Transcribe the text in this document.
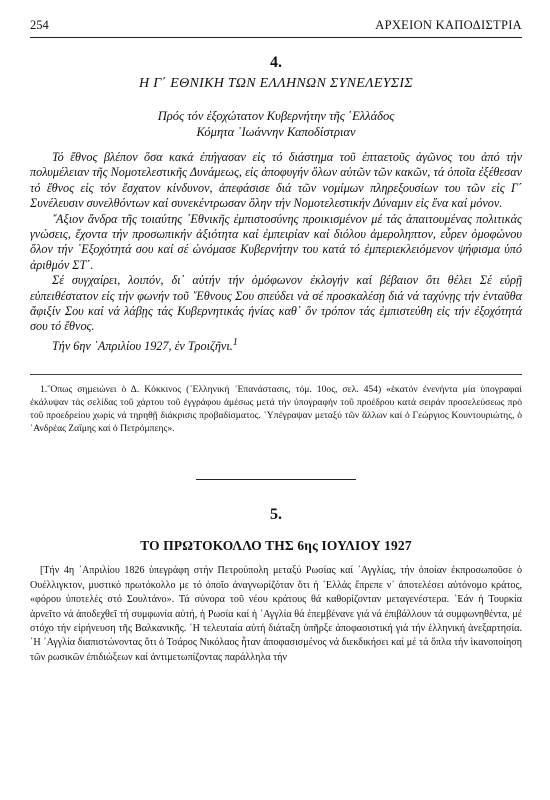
254	ΑΡΧΕΙΟΝ ΚΑΠΟΔΙΣΤΡΙΑ
4.
Η Γ΄ ΕΘΝΙΚΗ ΤΩΝ ΕΛΛΗΝΩΝ ΣΥΝΕΛΕΥΣΙΣ
Πρός τόν ἐξοχώτατον Κυβερνήτην τῆς ῾Ελλάδος
Κόμητα ᾿Ιωάννην Καποδίστριαν

Τό ἔθνος βλέπον ὅσα κακά ἐπήγασαν εἰς τό διάστημα τοῦ ἑπταετοῦς ἀγῶνος του ἀπό τήν πολυμέλειαν τῆς Νομοτελεστικῆς Δυνάμεως, εἰς ἀποφυγήν ὅλων αὐτῶν τῶν κακῶν, τά ὁποῖα ἐξέθεσαν τό ἔθνος εἰς τόν ἔσχατον κίνδυνον, ἀπεφάσισε διά τῶν νομίμων πληρεξουσίων του τῶν εἰς Γ΄ Συνέλευσιν συνελθόντων καί συνεκέντρωσαν ὅλην τήν Νομοτελεστικήν Δύναμιν εἰς ἕνα καί μόνον.

῎Αξιον ἄνδρα τῆς τοιαύτης ᾿Εθνικῆς ἐμπιστοσύνης προικισμένον μέ τάς ἀπαιτουμένας πολιτικάς γνώσεις, ἔχοντα τήν προσωπικήν ἀξιότητα καί ἐμπειρίαν καί διόλου ἀμεροληπτον, εὗρεν ὁμοφώνου ὅλον τήν ᾿Εξοχότητά σου καί σέ ὠνόμασε Κυβερνήτην του κατά τό ἐμπεριεκλειόμενον ψήφισμα ὑπό ἀριθμόν ΣΤ΄.

Σέ συγχαίρει, λοιπόν, δι᾿ αὐτήν τήν ὁμόφωνον ἐκλογήν καί βέβαιον ὅτι θέλει Σέ εὑρῇ εὐπειθέστατον εἰς τήν φωνήν τοῦ ῎Εθνους Σου σπεύδει νά σέ προσκαλέσῃ διά νά ταχύνῃς τήν ἐνταῦθα ἄφιξίν Σου καί νά λάβῃς τάς Κυβερνητικάς ἡνίας καθ᾿ ὅν τρόπον τάς ἐμπιστεύθη εἰς τήν ἐξοχότητά σου τό ἔθνος.

Τήν 6ην ᾿Απριλίου 1927, ἐν Τροιζῆνι.$^1$

1.῞Οπως σημειώνει ὁ Δ. Κόκκινος (᾿Ελληνική ᾿Επανάστασις, τόμ. 10ος, σελ. 454) «ἑκατόν ἐνενήντα μία ὑπογραφαί ἐκάλυψαν τάς σελίδας τοῦ χάρτου τοῦ ἐγγράφου ἀμέσως μετά τήν ὑπογραφήν τοῦ προέδρου κατά σειράν προσελεύσεως πρό τοῦ προεδρείου χωρίς νά τηρηθῇ διάκρισις προβαδίσματος. ῾Υπέγραψαν μεταξύ τῶν ἄλλων καί ὁ Γεώργιος Κουντουριώτης, ὁ ᾿Ανδρέας Ζαΐμης καί ὁ Πετρόμπεης».

5.
ΤΟ ΠΡΩΤΟΚΟΛΛΟ ΤΗΣ 6ης ΙΟΥΛΙΟΥ 1927

[Τήν 4η ᾿Απριλίου 1826 ὑπεγράφη στήν Πετρούπολη μεταξύ Ρωσίας καί ᾿Αγγλίας, τήν ὁποίαν ἐκπροσωποῦσε ὁ Ουέλλιγκτον, μυστικό πρωτόκολλο με τό ὁποῖο ἀναγνωρίζόταν ὅτι ἡ ῾Ελλάς ἔπρεπε ν᾿ ἀποτελέσει αὐτόνομο κράτος, «φόρου ὑποτελές στό Σουλτάνο». Τά σύνορα τοῦ νέου κράτους θά καθορίζονταν μεταγενέστερα. ᾿Εάν ἡ Τουρκία ἀρνεῖτο νά ἀποδεχθεῖ τή συμφωνία αὐτή, ἡ Ρωσία καί ἡ ᾿Αγγλία θά ἐπεμβένανε γιά νά ἐπιβάλλουν τά συμφωνηθέντα, μέ στόχο τήν εἰρήνευση τῆς Βαλκανικῆς. ῾Η τελευταία αὐτή διάταξη ὑπῆρξε ἀποφασιστική γιά τήν ἑλληνική ἀνεξαρτησία. ῾Η ᾿Αγγλία διαπιστώνοντας ὅτι ὁ Τσάρος Νικόλαος ἦταν ἀποφασισμένος νά διεκδικήσει καί μέ τά ὅπλα τήν ἱκανοποίηση τῶν ρωσικῶν ἐπιδιώξεων καί ἀντιμετωπίζοντας παράλληλα τήν
